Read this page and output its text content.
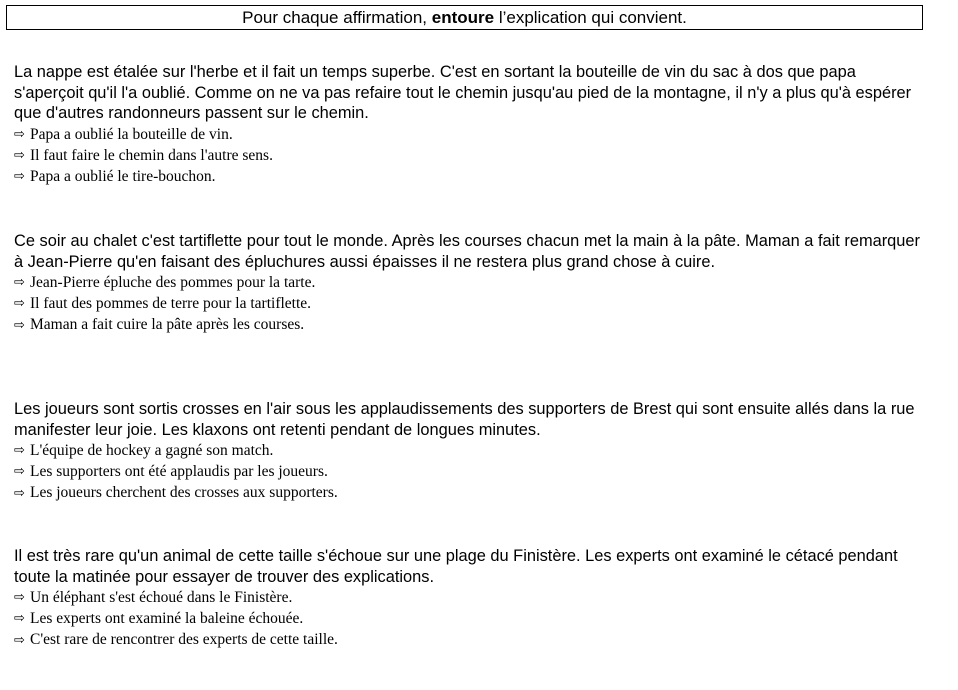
Pour chaque affirmation, entoure l’explication qui convient.

La nappe est étalée sur l'herbe et il fait un temps superbe. C'est en sortant la bouteille de vin du sac à dos que papa s'aperçoit qu'il l'a oublié. Comme on ne va pas refaire tout le chemin jusqu'au pied de la montagne, il n'y a plus qu'à espérer que d'autres randonneurs passent sur le chemin.

⇨ Papa a oublié la bouteille de vin.
⇨ Il faut faire le chemin dans l'autre sens.
⇨ Papa a oublié le tire-bouchon.

Ce soir au chalet c'est tartiflette pour tout le monde. Après les courses chacun met la main à la pâte. Maman a fait remarquer à Jean-Pierre qu'en faisant des épluchures aussi épaisses il ne restera plus grand chose à cuire.

⇨ Jean-Pierre épluche des pommes pour la tarte.
⇨ Il faut des pommes de terre pour la tartiflette.
⇨ Maman a fait cuire la pâte après les courses.

Les joueurs sont sortis crosses en l'air sous les applaudissements des supporters de Brest qui sont ensuite allés dans la rue manifester leur joie. Les klaxons ont retenti pendant de longues minutes.

⇨ L'équipe de hockey a gagné son match.
⇨ Les supporters ont été applaudis par les joueurs.
⇨ Les joueurs cherchent des crosses aux supporters.

Il est très rare qu'un animal de cette taille s'échoue sur une plage du Finistère. Les experts ont examiné le cétacé pendant toute la matinée pour essayer de trouver des explications.

⇨ Un éléphant s'est échoué dans le Finistère.
⇨ Les experts ont examiné la baleine échouée.
⇨ C'est rare de rencontrer des experts de cette taille.
